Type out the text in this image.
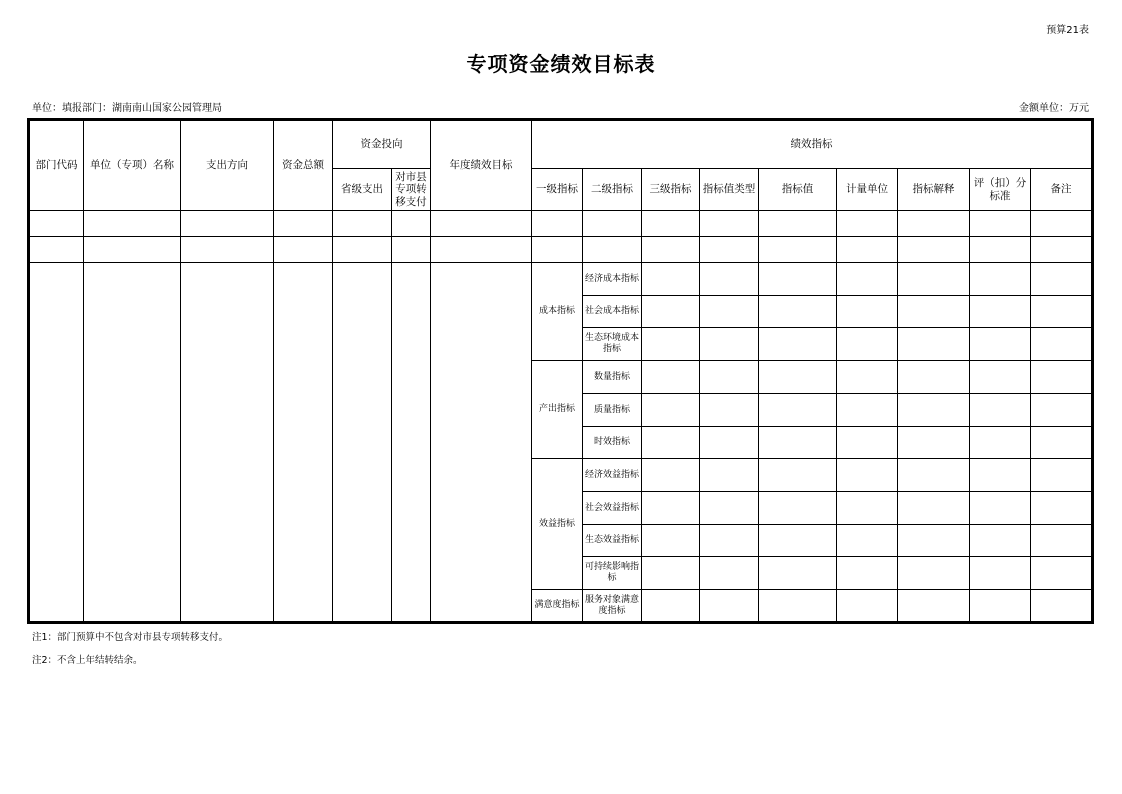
预算21表
专项资金绩效目标表
单位：填报部门：湖南南山国家公园管理局	金额单位：万元
部门代码	单位（专项）名称	支出方向	资金总额	资金投向		年度绩效目标	绩效指标								
				省级支出	对市县专项转移支付		一级指标	二级指标	三级指标	指标值类型	指标值	计量单位	指标解释	评（扣）分标准	备注

							成本指标	经济成本指标							
								社会成本指标							
								生态环境成本指标							
							产出指标	数量指标							
								质量指标							
								时效指标							
							效益指标	经济效益指标							
								社会效益指标							
								生态效益指标							
								可持续影响指标							
							满意度指标	服务对象满意度指标							
注1：部门预算中不包含对市县专项转移支付。
注2：不含上年结转结余。
